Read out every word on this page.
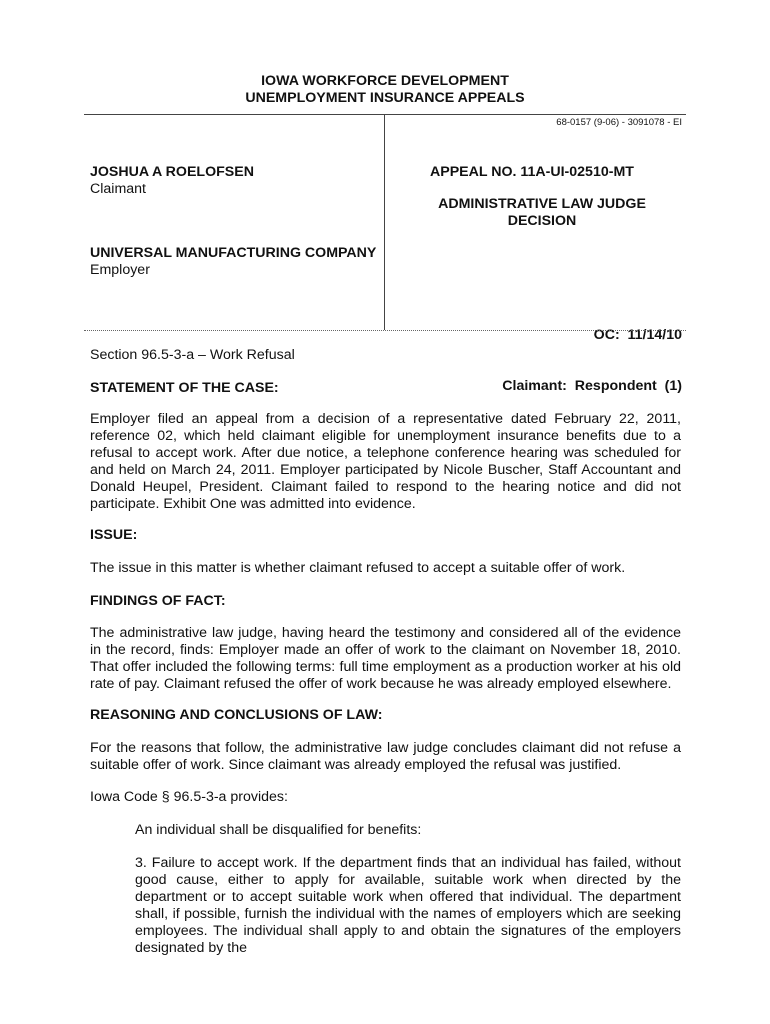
IOWA WORKFORCE DEVELOPMENT
UNEMPLOYMENT INSURANCE APPEALS
68-0157 (9-06) - 3091078 - EI
JOSHUA A ROELOFSEN
Claimant
UNIVERSAL MANUFACTURING COMPANY
Employer
APPEAL NO. 11A-UI-02510-MT
ADMINISTRATIVE LAW JUDGE
DECISION

OC:  11/14/10

Claimant:  Respondent  (1)

Section 96.5-3-a – Work Refusal
STATEMENT OF THE CASE:
Employer filed an appeal from a decision of a representative dated February 22, 2011, reference 02, which held claimant eligible for unemployment insurance benefits due to a refusal to accept work. After due notice, a telephone conference hearing was scheduled for and held on March 24, 2011. Employer participated by Nicole Buscher, Staff Accountant and Donald Heupel, President. Claimant failed to respond to the hearing notice and did not participate. Exhibit One was admitted into evidence.
ISSUE:
The issue in this matter is whether claimant refused to accept a suitable offer of work.
FINDINGS OF FACT:
The administrative law judge, having heard the testimony and considered all of the evidence in the record, finds: Employer made an offer of work to the claimant on November 18, 2010. That offer included the following terms: full time employment as a production worker at his old rate of pay. Claimant refused the offer of work because he was already employed elsewhere.
REASONING AND CONCLUSIONS OF LAW:
For the reasons that follow, the administrative law judge concludes claimant did not refuse a suitable offer of work. Since claimant was already employed the refusal was justified.
Iowa Code § 96.5-3-a provides:
An individual shall be disqualified for benefits:
3. Failure to accept work. If the department finds that an individual has failed, without good cause, either to apply for available, suitable work when directed by the department or to accept suitable work when offered that individual. The department shall, if possible, furnish the individual with the names of employers which are seeking employees. The individual shall apply to and obtain the signatures of the employers designated by the
